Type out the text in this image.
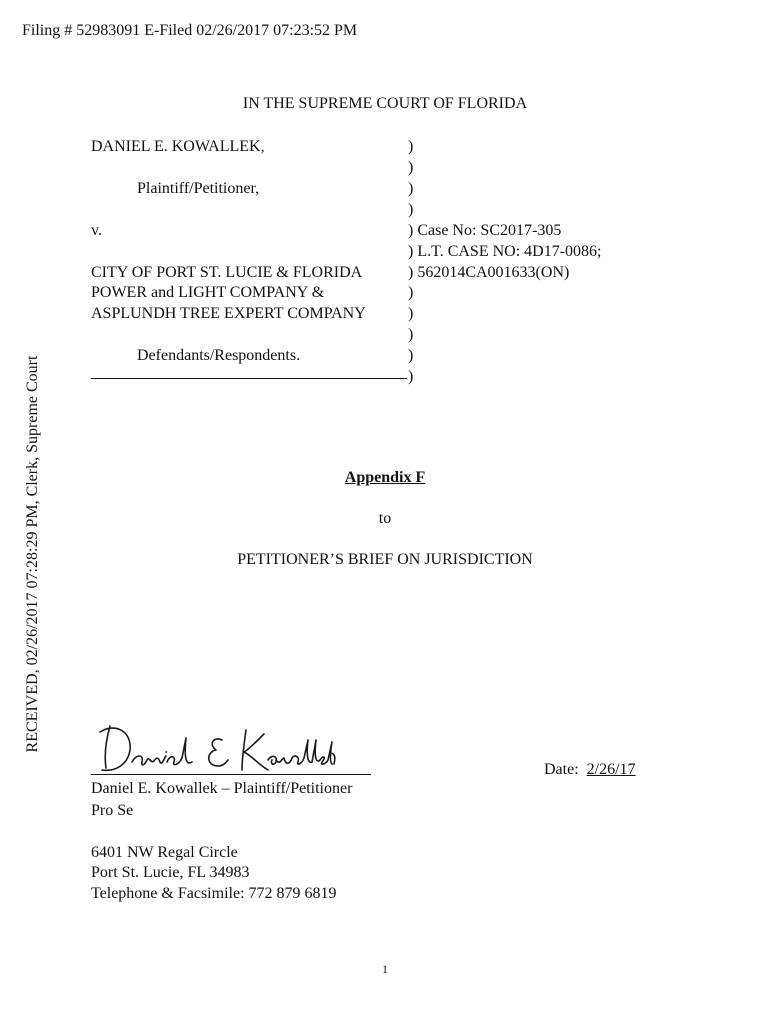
Filing # 52983091 E-Filed 02/26/2017 07:23:52 PM
RECEIVED, 02/26/2017 07:28:29 PM, Clerk, Supreme Court
IN THE SUPREME COURT OF FLORIDA
DANIEL E. KOWALLEK,
Plaintiff/Petitioner,
v.
CITY OF PORT ST. LUCIE & FLORIDA
POWER and LIGHT COMPANY &
ASPLUNDH TREE EXPERT COMPANY
Defendants/Respondents.
)
)
)
)
) Case No: SC2017-305
) L.T. CASE NO: 4D17-0086;
) 562014CA001633(ON)
)
)
)
)
)
Appendix F
to
PETITIONER’S BRIEF ON JURISDICTION
Date: 2/26/17
Daniel E. Kowallek – Plaintiff/Petitioner
Pro Se
6401 NW Regal Circle
Port St. Lucie, FL 34983
Telephone & Facsimile: 772 879 6819
1
